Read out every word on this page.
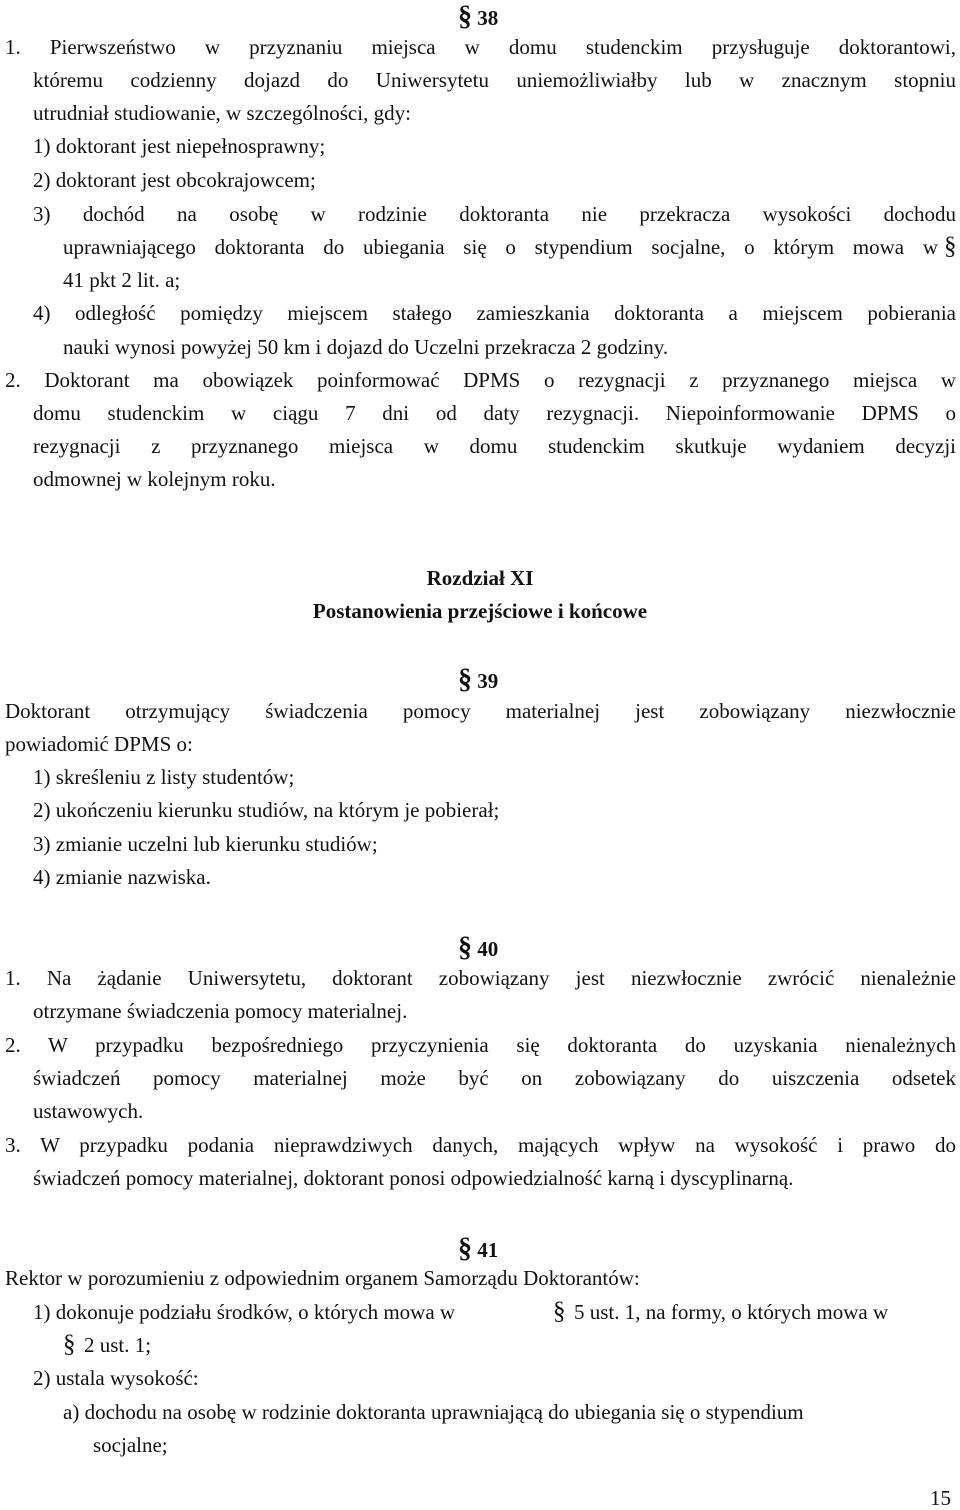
§ 38
1. Pierwszeństwo w przyznaniu miejsca w domu studenckim przysługuje doktorantowi,
któremu codzienny dojazd do Uniwersytetu uniemożliwiałby lub w znacznym stopniu
utrudniał studiowanie, w szczególności, gdy:
1) doktorant jest niepełnosprawny;
2) doktorant jest obcokrajowcem;
3) dochód na osobę w rodzinie doktoranta nie przekracza wysokości dochodu
uprawniającego doktoranta do ubiegania się o stypendium socjalne, o którym mowa w §
41 pkt 2 lit. a;
4) odległość pomiędzy miejscem stałego zamieszkania doktoranta a miejscem pobierania
nauki wynosi powyżej 50 km i dojazd do Uczelni przekracza 2 godziny.
2. Doktorant ma obowiązek poinformować DPMS o rezygnacji z przyznanego miejsca w
domu studenckim w ciągu 7 dni od daty rezygnacji. Niepoinformowanie DPMS o
rezygnacji z przyznanego miejsca w domu studenckim skutkuje wydaniem decyzji
odmownej w kolejnym roku.
Rozdział XI
Postanowienia przejściowe i końcowe
§ 39
Doktorant otrzymujący świadczenia pomocy materialnej jest zobowiązany niezwłocznie
powiadomić DPMS o:
1) skreśleniu z listy studentów;
2) ukończeniu kierunku studiów, na którym je pobierał;
3) zmianie uczelni lub kierunku studiów;
4) zmianie nazwiska.
§ 40
1. Na żądanie Uniwersytetu, doktorant zobowiązany jest niezwłocznie zwrócić nienależnie
otrzymane świadczenia pomocy materialnej.
2. W przypadku bezpośredniego przyczynienia się doktoranta do uzyskania nienależnych
świadczeń pomocy materialnej może być on zobowiązany do uiszczenia odsetek
ustawowych.
3. W przypadku podania nieprawdziwych danych, mających wpływ na wysokość i prawo do
świadczeń pomocy materialnej, doktorant ponosi odpowiedzialność karną i dyscyplinarną.
§ 41
Rektor w porozumieniu z odpowiednim organem Samorządu Doktorantów:
1) dokonuje podziału środków, o których mowa w	§ 5 ust. 1, na formy, o których mowa w
§ 2 ust. 1;
2) ustala wysokość:
a) dochodu na osobę w rodzinie doktoranta uprawniającą do ubiegania się o stypendium
socjalne;
15
